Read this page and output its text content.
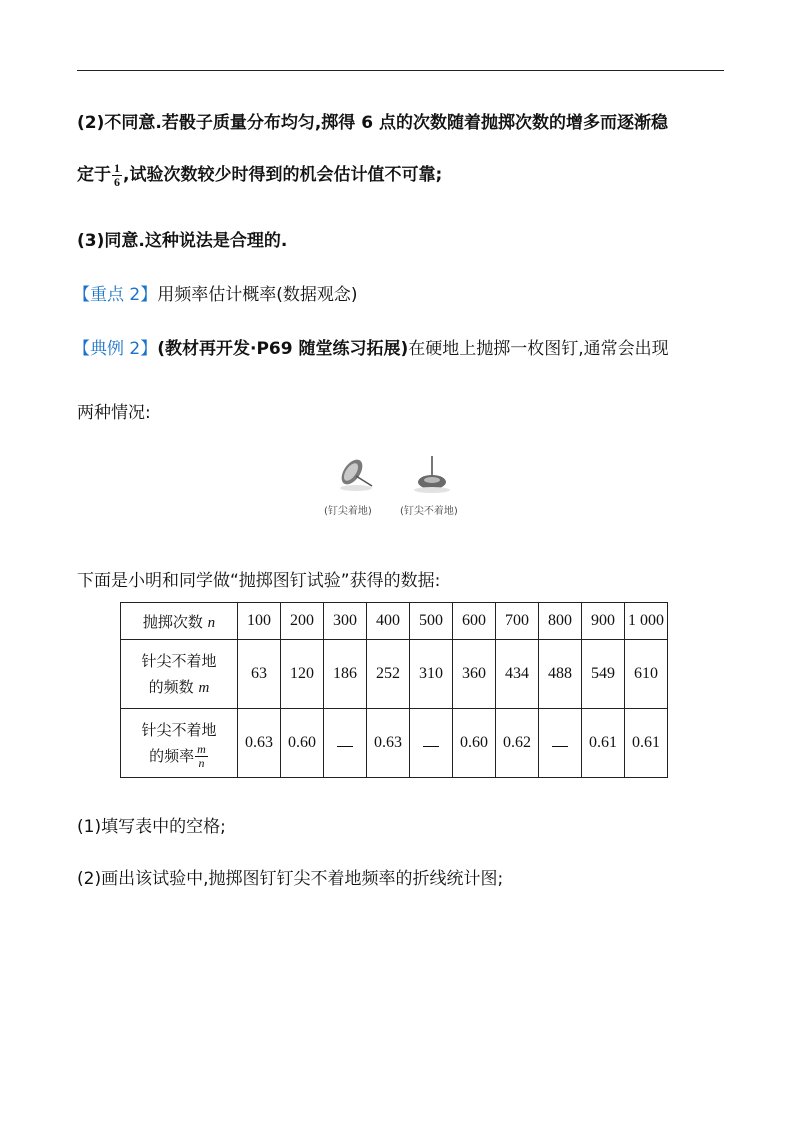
(2)不同意.若骰子质量分布均匀,掷得 6 点的次数随着抛掷次数的增多而逐渐稳
定于 $\frac{1}{6}$ ,试验次数较少时得到的机会估计值不可靠;
(3)同意.这种说法是合理的.
【重点 2】用频率估计概率(数据观念)
【典例 2】(教材再开发·P69 随堂练习拓展)在硬地上抛掷一枚图钉,通常会出现
两种情况:
(钉尖着地)	(钉尖不着地)
下面是小明和同学做“抛掷图钉试验”获得的数据:
抛掷次数 n	100	200	300	400	500	600	700	800	900	1 000

针尖不着地
的频数 m	63	120	186	252	310	360	434	488	549	610

针尖不着地
的频率 $\frac{m}{n}$	0.63	0.60		0.63		0.60	0.62		0.61	0.61
(1)填写表中的空格;
(2)画出该试验中,抛掷图钉钉尖不着地频率的折线统计图;
